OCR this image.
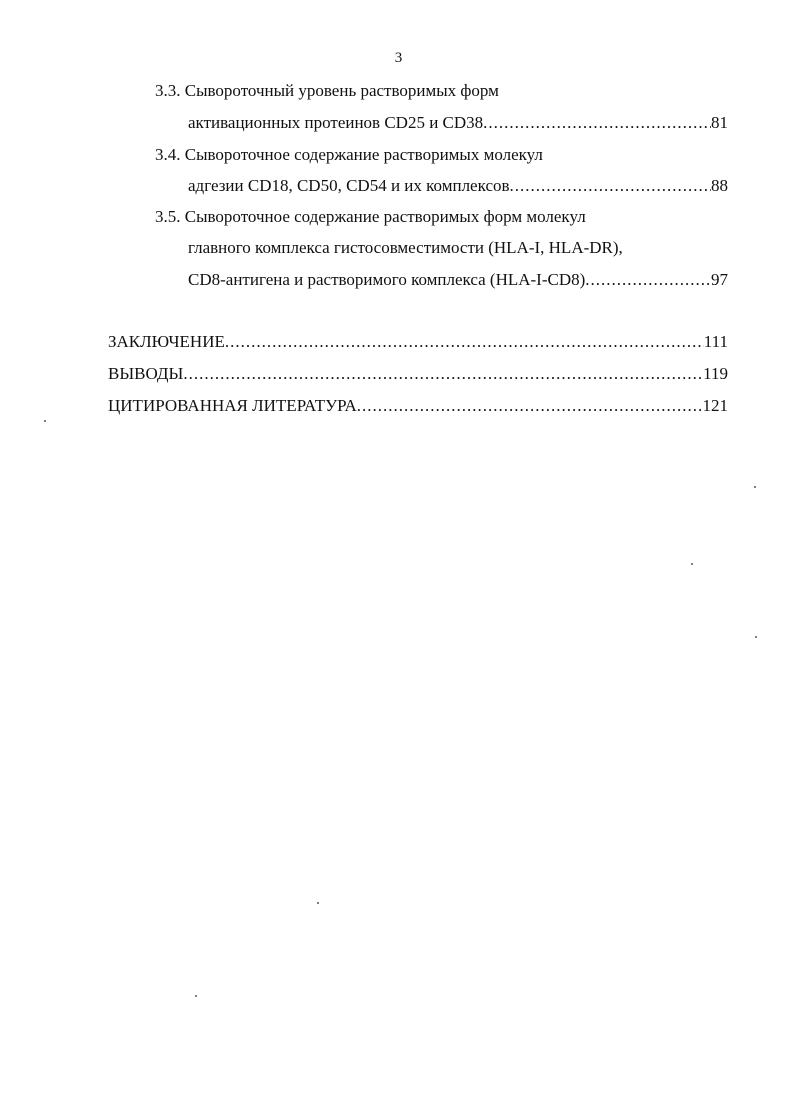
3
3.3. Сывороточный уровень растворимых форм
активационных протеинов CD25 и CD38 .....	81
3.4. Сывороточное содержание растворимых молекул
адгезии CD18, CD50, CD54 и их комплексов .....	88
3.5. Сывороточное содержание растворимых форм молекул
главного комплекса гистосовместимости (HLA-I, HLA-DR),
CD8-антигена и растворимого комплекса (HLA-I-CD8) .....	97
ЗАКЛЮЧЕНИЕ .....	111
ВЫВОДЫ .....	119
ЦИТИРОВАННАЯ ЛИТЕРАТУРА .....	121
